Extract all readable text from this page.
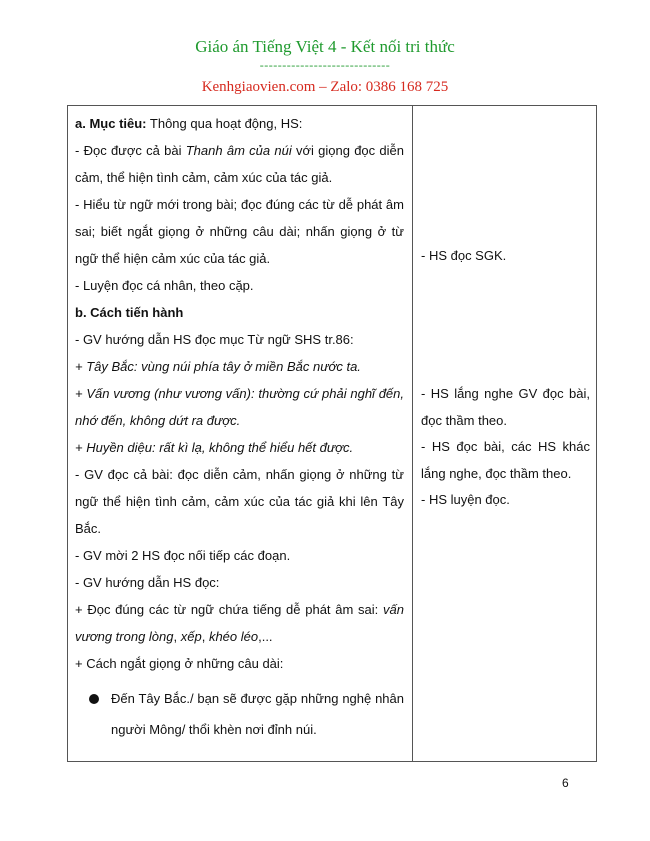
Giáo án Tiếng Việt 4 - Kết nối tri thức
-----------------------------
Kenhgiaovien.com – Zalo: 0386 168 725

a. Mục tiêu: Thông qua hoạt động, HS:

- Đọc được cả bài Thanh âm của núi với giọng đọc diễn cảm, thể hiện tình cảm, cảm xúc của tác giả.

- Hiểu từ ngữ mới trong bài; đọc đúng các từ dễ phát âm sai; biết ngắt giọng ở những câu dài; nhấn giọng ở từ ngữ thể hiện cảm xúc của tác giả.

- Luyện đọc cá nhân, theo cặp.

b. Cách tiến hành

- GV hướng dẫn HS đọc mục Từ ngữ SHS tr.86:

+ Tây Bắc: vùng núi phía tây ở miền Bắc nước ta.

+ Vấn vương (như vương vấn): thường cứ phải nghĩ đến, nhớ đến, không dứt ra được.

+ Huyền diệu: rất kì lạ, không thể hiểu hết được.

- GV đọc cả bài: đọc diễn cảm, nhấn giọng ở những từ ngữ thể hiện tình cảm, cảm xúc của tác giả khi lên Tây Bắc.

- GV mời 2 HS đọc nối tiếp các đoạn.

- GV hướng dẫn HS đọc:

+ Đọc đúng các từ ngữ chứa tiếng dễ phát âm sai: vấn vương trong lòng, xếp, khéo léo,...

+ Cách ngắt giọng ở những câu dài:

Đến Tây Bắc./ bạn sẽ được gặp những nghệ nhân người Mông/ thổi khèn nơi đỉnh núi.

- HS đọc SGK.

- HS lắng nghe GV đọc bài, đọc thầm theo.

- HS đọc bài, các HS khác lắng nghe, đọc thầm theo.

- HS luyện đọc.

6
